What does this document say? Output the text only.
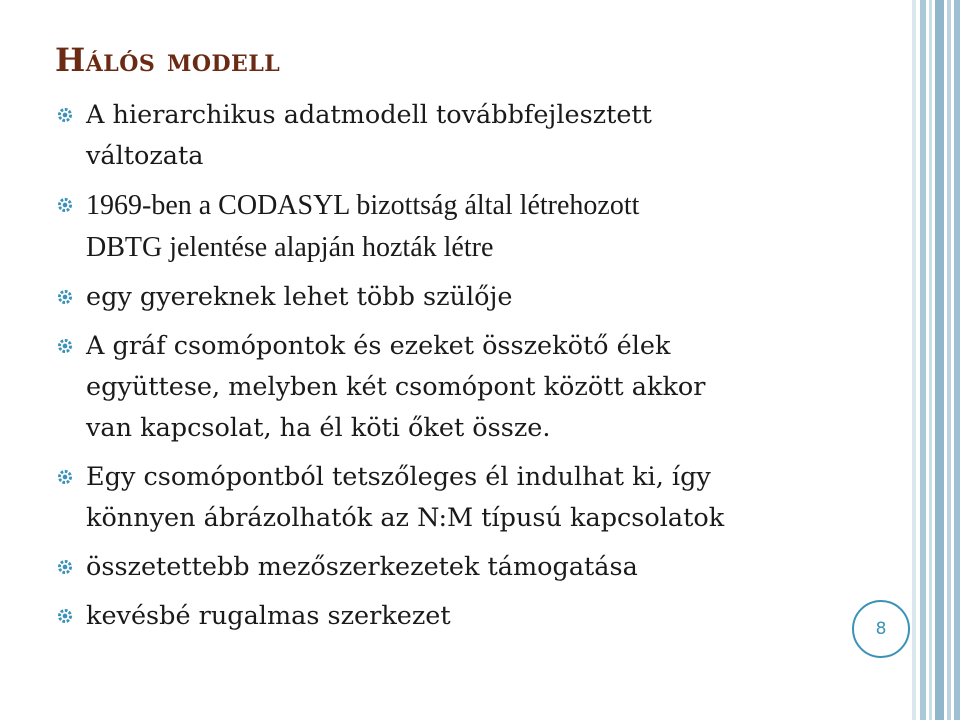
Hálós modell
A hierarchikus adatmodell továbbfejlesztett
változata
1969-ben a CODASYL bizottság által létrehozott
DBTG jelentése alapján hozták létre
egy gyereknek lehet több szülője
A gráf csomópontok és ezeket összekötő élek
együttese, melyben két csomópont között akkor
van kapcsolat, ha él köti őket össze.
Egy csomópontból tetszőleges él indulhat ki, így
könnyen ábrázolhatók az N:M típusú kapcsolatok
összetettebb mezőszerkezetek támogatása
kevésbé rugalmas szerkezet	8
